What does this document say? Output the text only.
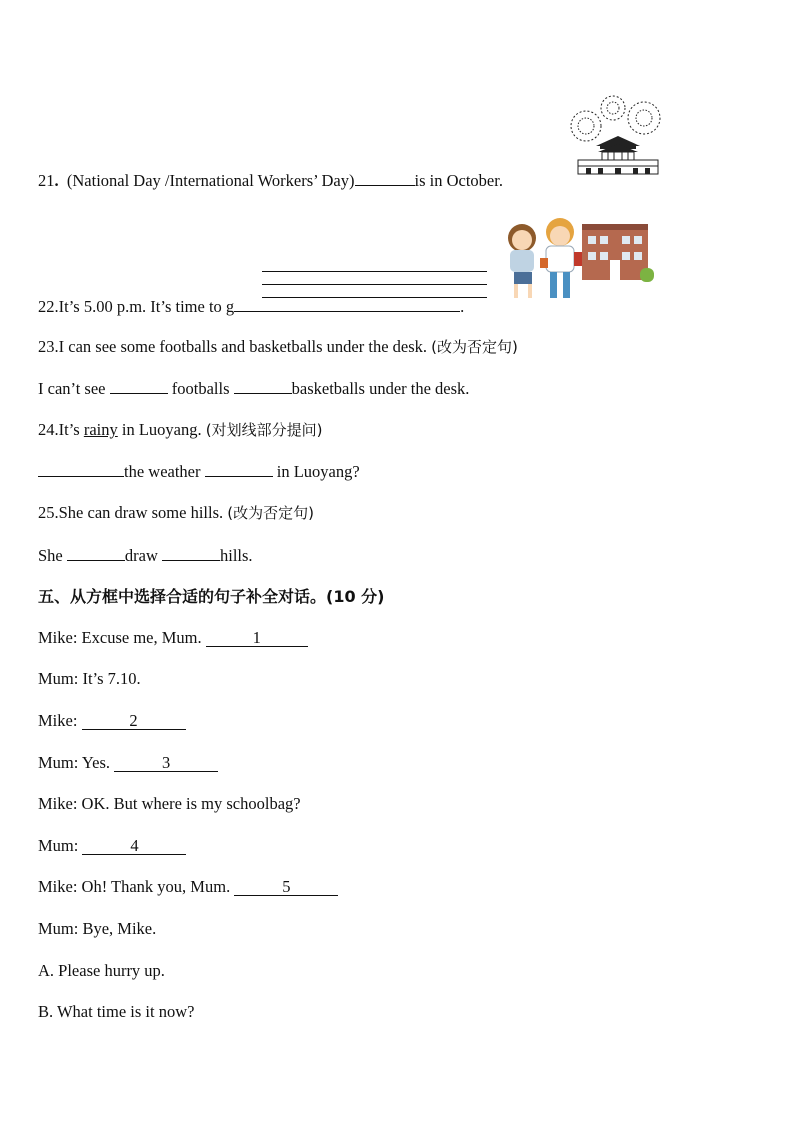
21. (National Day /International Workers’ Day)	is in October.
22.It’s 5.00 p.m. It’s time to g	.
23.I can see some footballs and basketballs under the desk. (改为否定句)
I can’t see	footballs	basketballs under the desk.
24.It’s rainy in Luoyang. (对划线部分提问)
the weather	in Luoyang?
25.She can draw some hills. (改为否定句)
She	draw	hills.
五、从方框中选择合适的句子补全对话。(10 分)
Mike: Excuse me, Mum.	1
Mum: It’s 7.10.
Mike:	2
Mum: Yes.	3
Mike: OK. But where is my schoolbag?
Mum:	4
Mike: Oh! Thank you, Mum.	5
Mum: Bye, Mike.
A. Please hurry up.
B. What time is it now?
